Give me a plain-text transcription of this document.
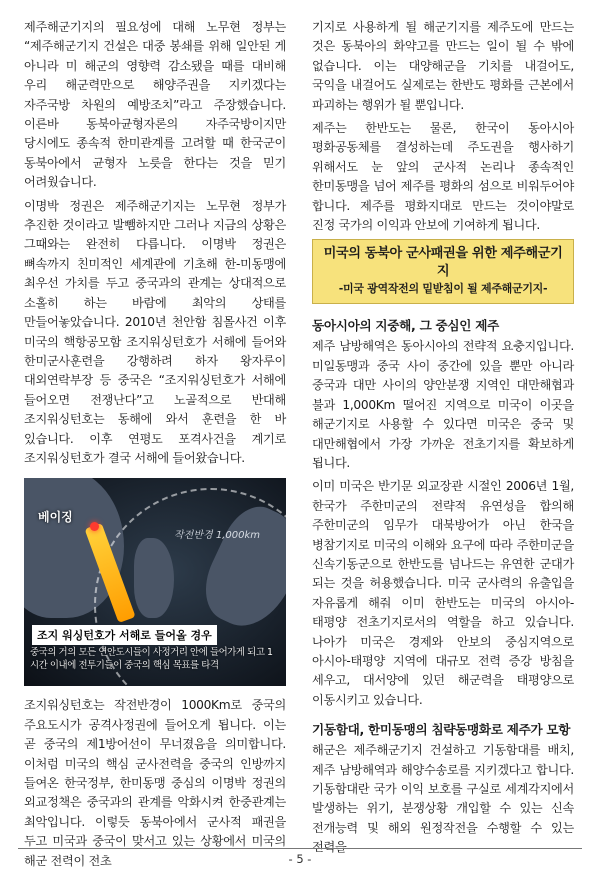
제주해군기지의 필요성에 대해 노무현 정부는 “제주해군기지 건설은 대중 봉쇄를 위해 일안된 게 아니라 미 해군의 영향력 감소됐을 때를 대비해 우리 해군력만으로 해양주권을 지키겠다는 자주국방 차원의 예방조치”라고 주장했습니다. 이른바 동북아균형자론의 자주국방이지만 당시에도 종속적 한미관계를 고려할 때 한국군이 동북아에서 균형자 노릇을 한다는 것을 믿기 어려웠습니다.

이명박 정권은 제주해군기지는 노무현 정부가 추진한 것이라고 발뺌하지만 그러나 지금의 상황은 그때와는 완전히 다릅니다. 이명박 정권은 뼈속까지 친미적인 세계관에 기초해 한-미동맹에 최우선 가치를 두고 중국과의 관계는 상대적으로 소홀히 하는 바람에 최악의 상태를 만들어놓았습니다. 2010년 천안함 침몰사건 이후 미국의 핵항공모함 조지워싱턴호가 서해에 들어와 한미군사훈련을 강행하려 하자 왕자루이 대외연락부장 등 중국은 “조지워싱턴호가 서해에 들어오면 전쟁난다”고 노골적으로 반대해 조지워싱턴호는 동해에 와서 훈련을 한 바 있습니다. 이후 연평도 포격사건을 계기로 조지워싱턴호가 결국 서해에 들어왔습니다.

베이징
작전반경 1,000km
조지 워싱턴호가 서해로 들어올 경우
중국의 거의 모든 연안도시들이 사정거리 안에 들어가게 되고 1시간 이내에 전투기들이 중국의 핵심 목표를 타격

조지워싱턴호는 작전반경이 1000Km로 중국의 주요도시가 공격사정권에 들어오게 됩니다. 이는 곧 중국의 제1방어선이 무너졌음을 의미합니다. 이처럼 미국의 핵심 군사전력을 중국의 인방까지 들여온 한국정부, 한미동맹 중심의 이명박 정권의 외교정책은 중국과의 관계를 악화시켜 한중관계는 최악입니다. 이렇듯 동북아에서 군사적 패권을 두고 미국과 중국이 맞서고 있는 상황에서 미국의 해군 전력이 전초

기지로 사용하게 될 해군기지를 제주도에 만드는 것은 동북아의 화약고를 만드는 일이 될 수 밖에 없습니다. 이는 대양해군을 기치를 내걸어도, 국익을 내걸어도 실제로는 한반도 평화를 근본에서 파괴하는 행위가 될 뿐입니다.

제주는 한반도는 물론, 한국이 동아시아 평화공동체를 결성하는데 주도권을 행사하기 위해서도 눈 앞의 군사적 논리나 종속적인 한미동맹을 넘어 제주를 평화의 섬으로 비워두어야 합니다. 제주를 평화지대로 만드는 것이야말로 진정 국가의 이익과 안보에 기여하게 됩니다.

미국의 동북아 군사패권을 위한 제주해군기지
-미국 광역작전의 밑받침이 될 제주해군기지-
동아시아의 지중해, 그 중심인 제주

제주 남방해역은 동아시아의 전략적 요충지입니다. 미일동맹과 중국 사이 중간에 있을 뿐만 아니라 중국과 대만 사이의 양안분쟁 지역인 대만해협과 불과 1,000Km 떨어진 지역으로 미국이 이곳을 해군기지로 사용할 수 있다면 미국은 중국 및 대만해협에서 가장 가까운 전초기지를 확보하게 됩니다.

이미 미국은 반기문 외교장관 시절인 2006년 1월, 한국가 주한미군의 전략적 유연성을 합의해 주한미군의 임무가 대북방어가 아닌 한국을 병참기지로 미국의 이해와 요구에 따라 주한미군을 신속기동군으로 한반도를 넘나드는 유연한 군대가 되는 것을 허용했습니다. 미국 군사력의 유출입을 자유롭게 해줘 이미 한반도는 미국의 아시아-태평양 전초기지로서의 역할을 하고 있습니다. 나아가 미국은 경제와 안보의 중심지역으로 아시아-태평양 지역에 대규모 전력 증강 방침을 세우고, 대서양에 있던 해군력을 태평양으로 이동시키고 있습니다.

기동함대, 한미동맹의 침략동맹화로 제주가 모항

해군은 제주해군기지 건설하고 기동함대를 배치, 제주 남방해역과 해양수송로를 지키겠다고 합니다. 기동함대란 국가 이익 보호를 구실로 세계각지에서 발생하는 위기, 분쟁상황 개입할 수 있는 신속 전개능력 및 해외 원정작전을 수행할 수 있는 전력을

- 5 -
